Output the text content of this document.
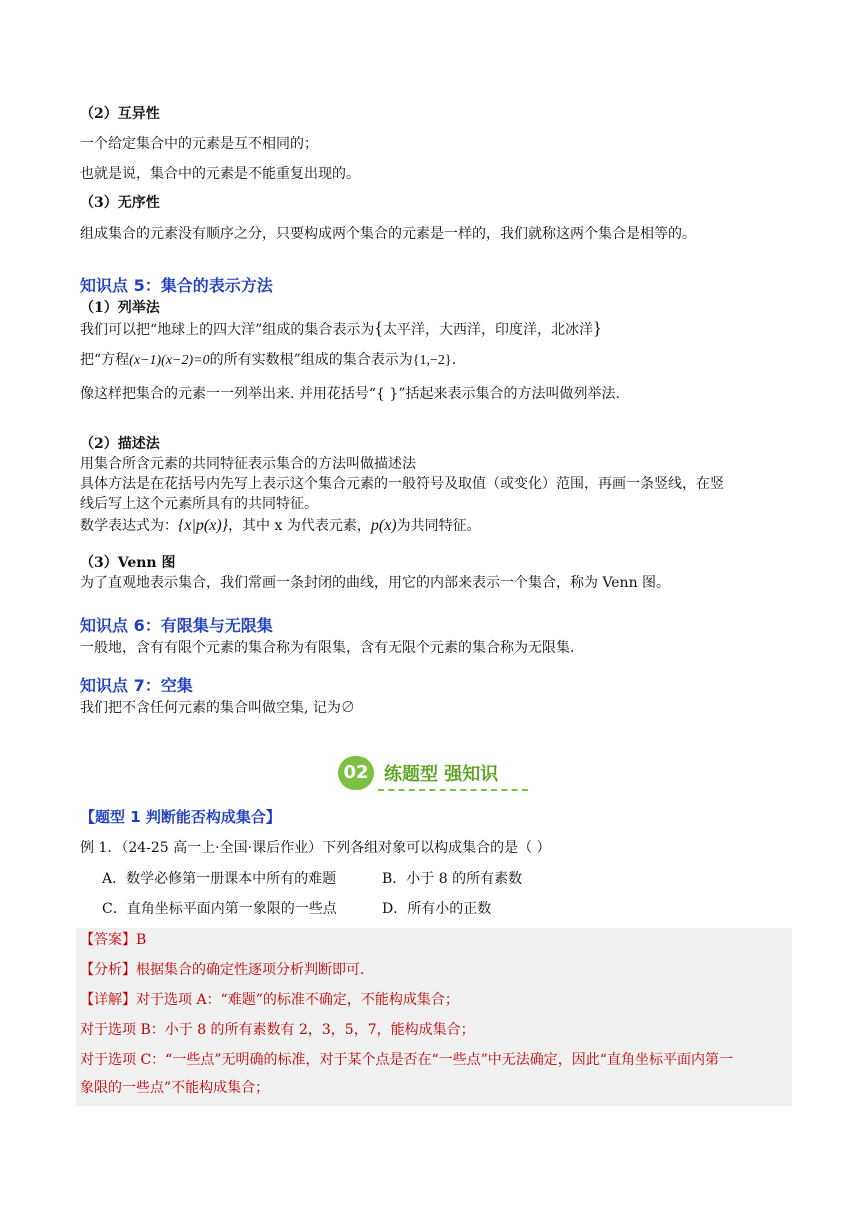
（2）互异性
一个给定集合中的元素是互不相同的；
也就是说，集合中的元素是不能重复出现的。
（3）无序性
组成集合的元素没有顺序之分，只要构成两个集合的元素是一样的，我们就称这两个集合是相等的。
知识点 5：集合的表示方法
（1）列举法
我们可以把“地球上的四大洋”组成的集合表示为{太平洋，大西洋，印度洋，北冰洋}
把“方程(x−1)(x−2)=0的所有实数根”组成的集合表示为{1,−2}.
像这样把集合的元素一一列举出来. 并用花括号“{ }”括起来表示集合的方法叫做列举法.
（2）描述法
用集合所含元素的共同特征表示集合的方法叫做描述法
具体方法是在花括号内先写上表示这个集合元素的一般符号及取值（或变化）范围，再画一条竖线，在竖
线后写上这个元素所具有的共同特征。
数学表达式为：{x|p(x)}，其中 x 为代表元素，p(x)为共同特征。
（3）Venn 图
为了直观地表示集合，我们常画一条封闭的曲线，用它的内部来表示一个集合，称为 Venn 图。
知识点 6：有限集与无限集
一般地，含有有限个元素的集合称为有限集，含有无限个元素的集合称为无限集.
知识点 7：空集
我们把不含任何元素的集合叫做空集, 记为∅
02 练题型 强知识
【题型 1 判断能否构成集合】
例 1．（24-25 高一上·全国·课后作业）下列各组对象可以构成集合的是（ ）
A．数学必修第一册课本中所有的难题	B．小于 8 的所有素数
C．直角坐标平面内第一象限的一些点	D．所有小的正数
【答案】B
【分析】根据集合的确定性逐项分析判断即可.
【详解】对于选项 A：“难题”的标准不确定，不能构成集合；
对于选项 B：小于 8 的所有素数有 2，3，5，7，能构成集合；
对于选项 C：“一些点”无明确的标准，对于某个点是否在“一些点”中无法确定，因此“直角坐标平面内第一
象限的一些点”不能构成集合；
